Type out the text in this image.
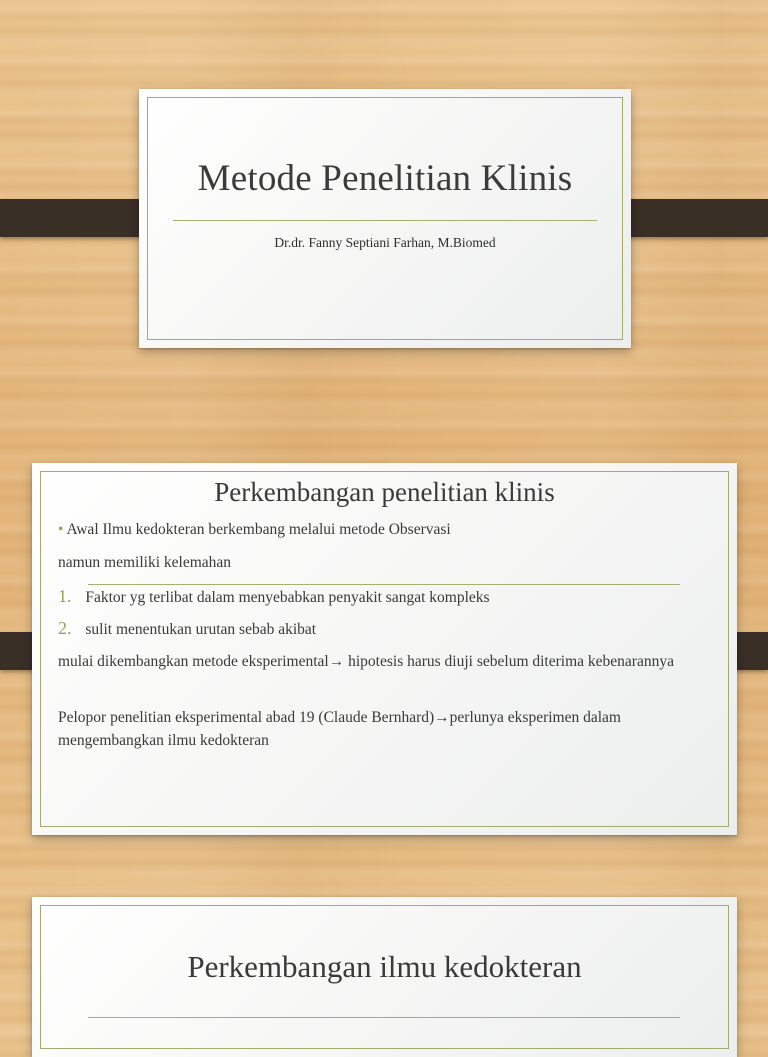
Metode Penelitian Klinis
Dr.dr. Fanny Septiani Farhan, M.Biomed
Perkembangan penelitian klinis
• Awal Ilmu kedokteran berkembang melalui metode Observasi
namun memiliki kelemahan
1. Faktor yg terlibat dalam menyebabkan penyakit sangat kompleks
2. sulit menentukan urutan sebab akibat
mulai dikembangkan metode eksperimental→ hipotesis harus diuji sebelum diterima kebenarannya
Pelopor penelitian eksperimental abad 19 (Claude Bernhard)→perlunya eksperimen dalam mengembangkan ilmu kedokteran
Perkembangan ilmu kedokteran
